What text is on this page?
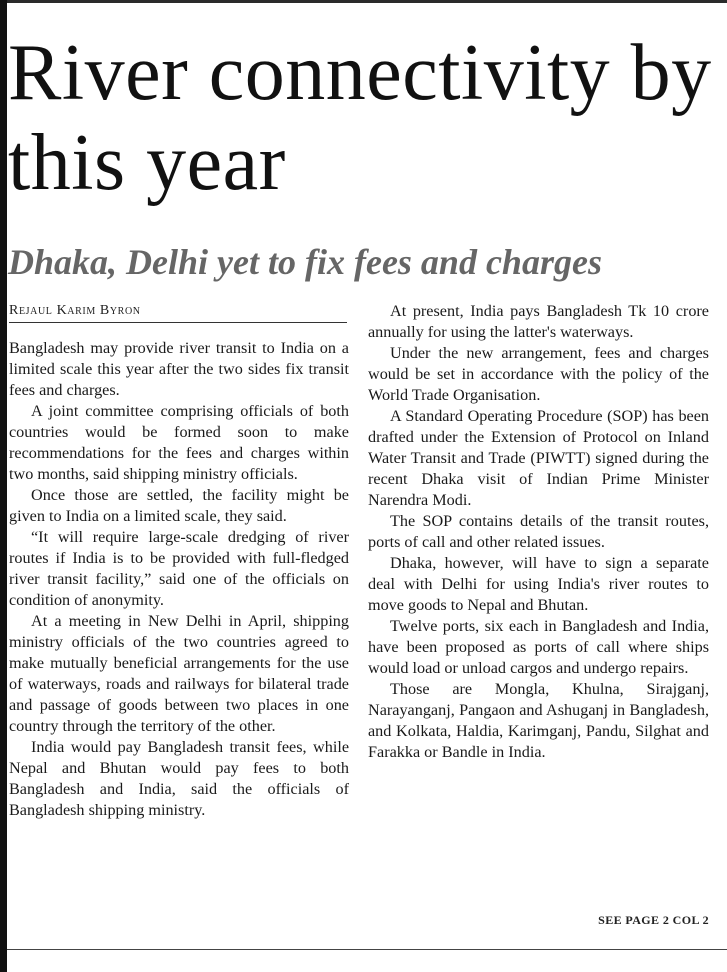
River connectivity by this year
Dhaka, Delhi yet to fix fees and charges
Rejaul Karim Byron

Bangladesh may provide river transit to India on a limited scale this year after the two sides fix transit fees and charges.

A joint committee comprising officials of both countries would be formed soon to make recommendations for the fees and charges within two months, said shipping ministry officials.

Once those are settled, the facility might be given to India on a limited scale, they said.

“It will require large-scale dredging of river routes if India is to be provided with full-fledged river transit facility,” said one of the officials on condition of anonymity.

At a meeting in New Delhi in April, shipping ministry officials of the two countries agreed to make mutually beneficial arrangements for the use of waterways, roads and railways for bilateral trade and passage of goods between two places in one country through the territory of the other.

India would pay Bangladesh transit fees, while Nepal and Bhutan would pay fees to both Bangladesh and India, said the officials of Bangladesh shipping ministry.

At present, India pays Bangladesh Tk 10 crore annually for using the latter's waterways.

Under the new arrangement, fees and charges would be set in accordance with the policy of the World Trade Organisation.

A Standard Operating Procedure (SOP) has been drafted under the Extension of Protocol on Inland Water Transit and Trade (PIWTT) signed during the recent Dhaka visit of Indian Prime Minister Narendra Modi.

The SOP contains details of the transit routes, ports of call and other related issues.

Dhaka, however, will have to sign a separate deal with Delhi for using India's river routes to move goods to Nepal and Bhutan.

Twelve ports, six each in Bangladesh and India, have been proposed as ports of call where ships would load or unload cargos and undergo repairs.

Those are Mongla, Khulna, Sirajganj, Narayanganj, Pangaon and Ashuganj in Bangladesh, and Kolkata, Haldia, Karimganj, Pandu, Silghat and Farakka or Bandle in India.

SEE PAGE 2 COL 2
